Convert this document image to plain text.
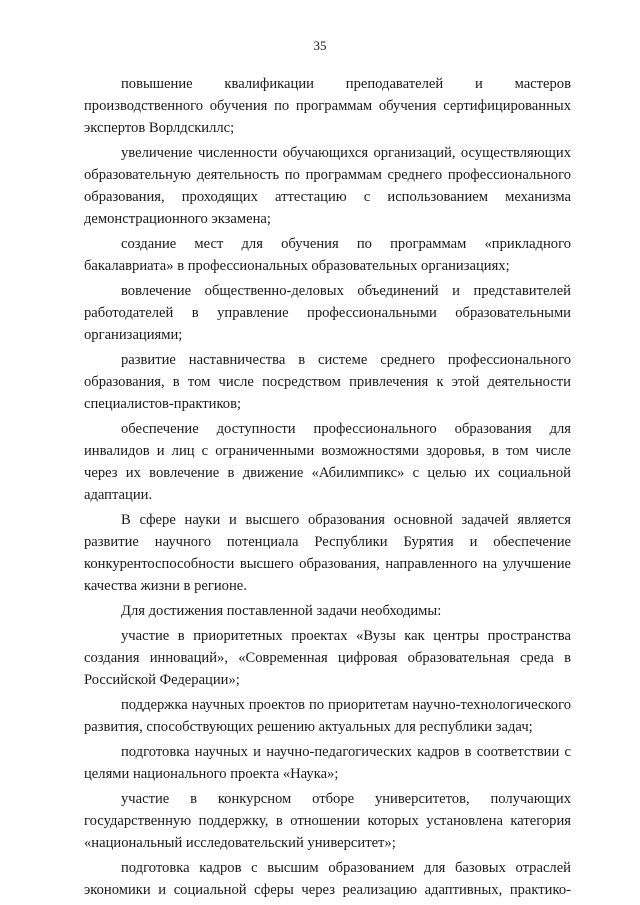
35

повышение квалификации преподавателей и мастеров производственного обучения по программам обучения сертифицированных экспертов Ворлдскиллс;

увеличение численности обучающихся организаций, осуществляющих образовательную деятельность по программам среднего профессионального образования, проходящих аттестацию с использованием механизма демонстрационного экзамена;

создание мест для обучения по программам «прикладного бакалавриата» в профессиональных образовательных организациях;

вовлечение общественно-деловых объединений и представителей работодателей в управление профессиональными образовательными организациями;

развитие наставничества в системе среднего профессионального образования, в том числе посредством привлечения к этой деятельности специалистов-практиков;

обеспечение доступности профессионального образования для инвалидов и лиц с ограниченными возможностями здоровья, в том числе через их вовлечение в движение «Абилимпикс» с целью их социальной адаптации.

В сфере науки и высшего образования основной задачей является развитие научного потенциала Республики Бурятия и обеспечение конкурентоспособности высшего образования, направленного на улучшение качества жизни в регионе.

Для достижения поставленной задачи необходимы:

участие в приоритетных проектах «Вузы как центры пространства создания инноваций», «Современная цифровая образовательная среда в Российской Федерации»;

поддержка научных проектов по приоритетам научно-технологического развития, способствующих решению актуальных для республики задач;

подготовка научных и научно-педагогических кадров в соответствии с целями национального проекта «Наука»;

участие в конкурсном отборе университетов, получающих государственную поддержку, в отношении которых установлена категория «национальный исследовательский университет»;

подготовка кадров с высшим образованием для базовых отраслей экономики и социальной сферы через реализацию адаптивных, практико-
